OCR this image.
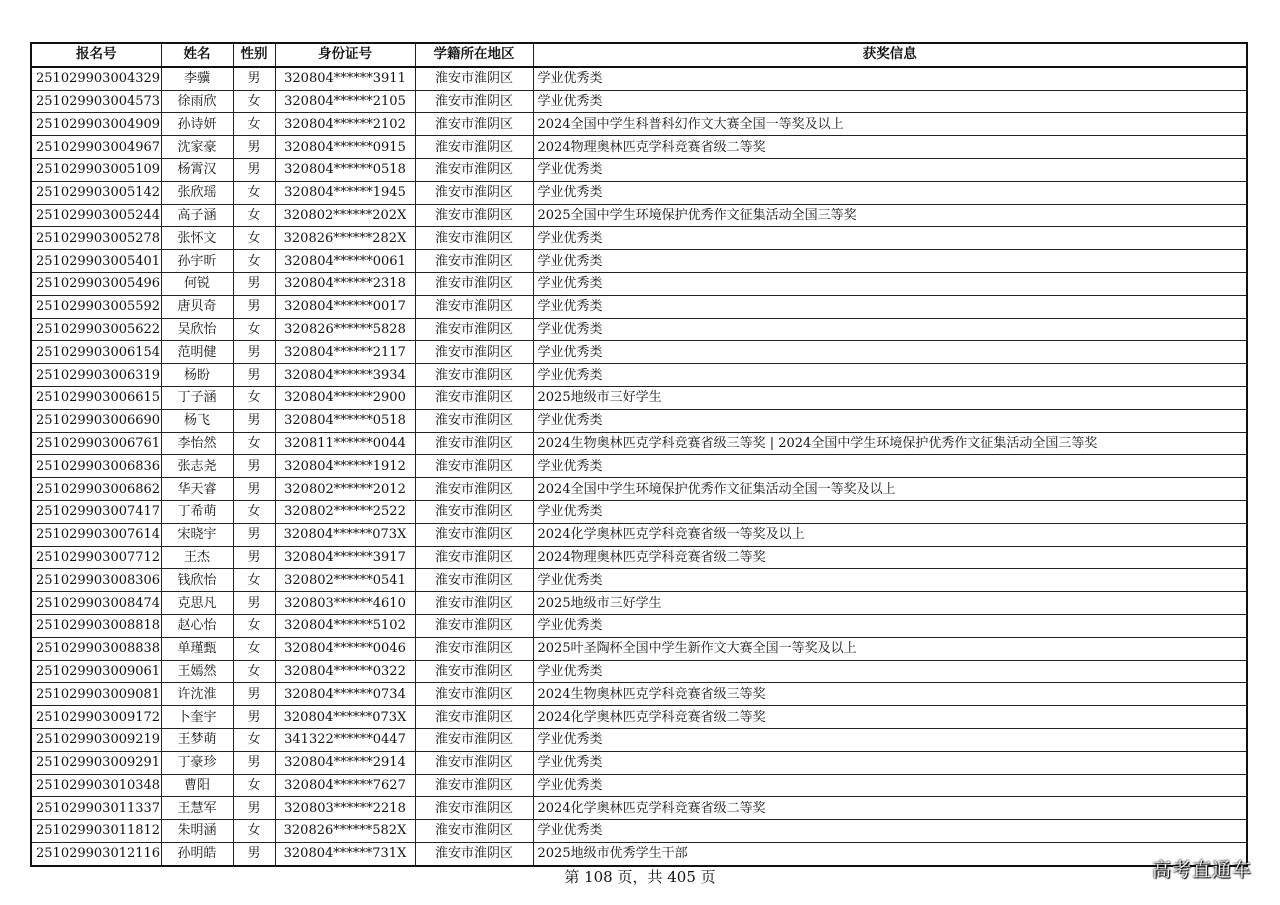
报名号	姓名	性别	身份证号	学籍所在地区	获奖信息
251029903004329	李骥	男	320804******3911	淮安市淮阴区	学业优秀类
251029903004573	徐雨欣	女	320804******2105	淮安市淮阴区	学业优秀类
251029903004909	孙诗妍	女	320804******2102	淮安市淮阴区	2024全国中学生科普科幻作文大赛全国一等奖及以上
251029903004967	沈家豪	男	320804******0915	淮安市淮阴区	2024物理奥林匹克学科竞赛省级二等奖
251029903005109	杨霄汉	男	320804******0518	淮安市淮阴区	学业优秀类
251029903005142	张欣瑶	女	320804******1945	淮安市淮阴区	学业优秀类
251029903005244	高子涵	女	320802******202X	淮安市淮阴区	2025全国中学生环境保护优秀作文征集活动全国三等奖
251029903005278	张怀文	女	320826******282X	淮安市淮阴区	学业优秀类
251029903005401	孙宇昕	女	320804******0061	淮安市淮阴区	学业优秀类
251029903005496	何锐	男	320804******2318	淮安市淮阴区	学业优秀类
251029903005592	唐贝奇	男	320804******0017	淮安市淮阴区	学业优秀类
251029903005622	吴欣怡	女	320826******5828	淮安市淮阴区	学业优秀类
251029903006154	范明健	男	320804******2117	淮安市淮阴区	学业优秀类
251029903006319	杨盼	男	320804******3934	淮安市淮阴区	学业优秀类
251029903006615	丁子涵	女	320804******2900	淮安市淮阴区	2025地级市三好学生
251029903006690	杨飞	男	320804******0518	淮安市淮阴区	学业优秀类
251029903006761	李怡然	女	320811******0044	淮安市淮阴区	2024生物奥林匹克学科竞赛省级三等奖 | 2024全国中学生环境保护优秀作文征集活动全国三等奖
251029903006836	张志尧	男	320804******1912	淮安市淮阴区	学业优秀类
251029903006862	华天睿	男	320802******2012	淮安市淮阴区	2024全国中学生环境保护优秀作文征集活动全国一等奖及以上
251029903007417	丁希萌	女	320802******2522	淮安市淮阴区	学业优秀类
251029903007614	宋晓宇	男	320804******073X	淮安市淮阴区	2024化学奥林匹克学科竞赛省级一等奖及以上
251029903007712	王杰	男	320804******3917	淮安市淮阴区	2024物理奥林匹克学科竞赛省级二等奖
251029903008306	钱欣怡	女	320802******0541	淮安市淮阴区	学业优秀类
251029903008474	克思凡	男	320803******4610	淮安市淮阴区	2025地级市三好学生
251029903008818	赵心怡	女	320804******5102	淮安市淮阴区	学业优秀类
251029903008838	单瑾甄	女	320804******0046	淮安市淮阴区	2025叶圣陶杯全国中学生新作文大赛全国一等奖及以上
251029903009061	王嫣然	女	320804******0322	淮安市淮阴区	学业优秀类
251029903009081	许沈淮	男	320804******0734	淮安市淮阴区	2024生物奥林匹克学科竞赛省级三等奖
251029903009172	卜奎宇	男	320804******073X	淮安市淮阴区	2024化学奥林匹克学科竞赛省级二等奖
251029903009219	王梦萌	女	341322******0447	淮安市淮阴区	学业优秀类
251029903009291	丁豪珍	男	320804******2914	淮安市淮阴区	学业优秀类
251029903010348	曹阳	女	320804******7627	淮安市淮阴区	学业优秀类
251029903011337	王慧军	男	320803******2218	淮安市淮阴区	2024化学奥林匹克学科竞赛省级二等奖
251029903011812	朱明涵	女	320826******582X	淮安市淮阴区	学业优秀类
251029903012116	孙明皓	男	320804******731X	淮安市淮阴区	2025地级市优秀学生干部
第 108 页，共 405 页	高考直通车
